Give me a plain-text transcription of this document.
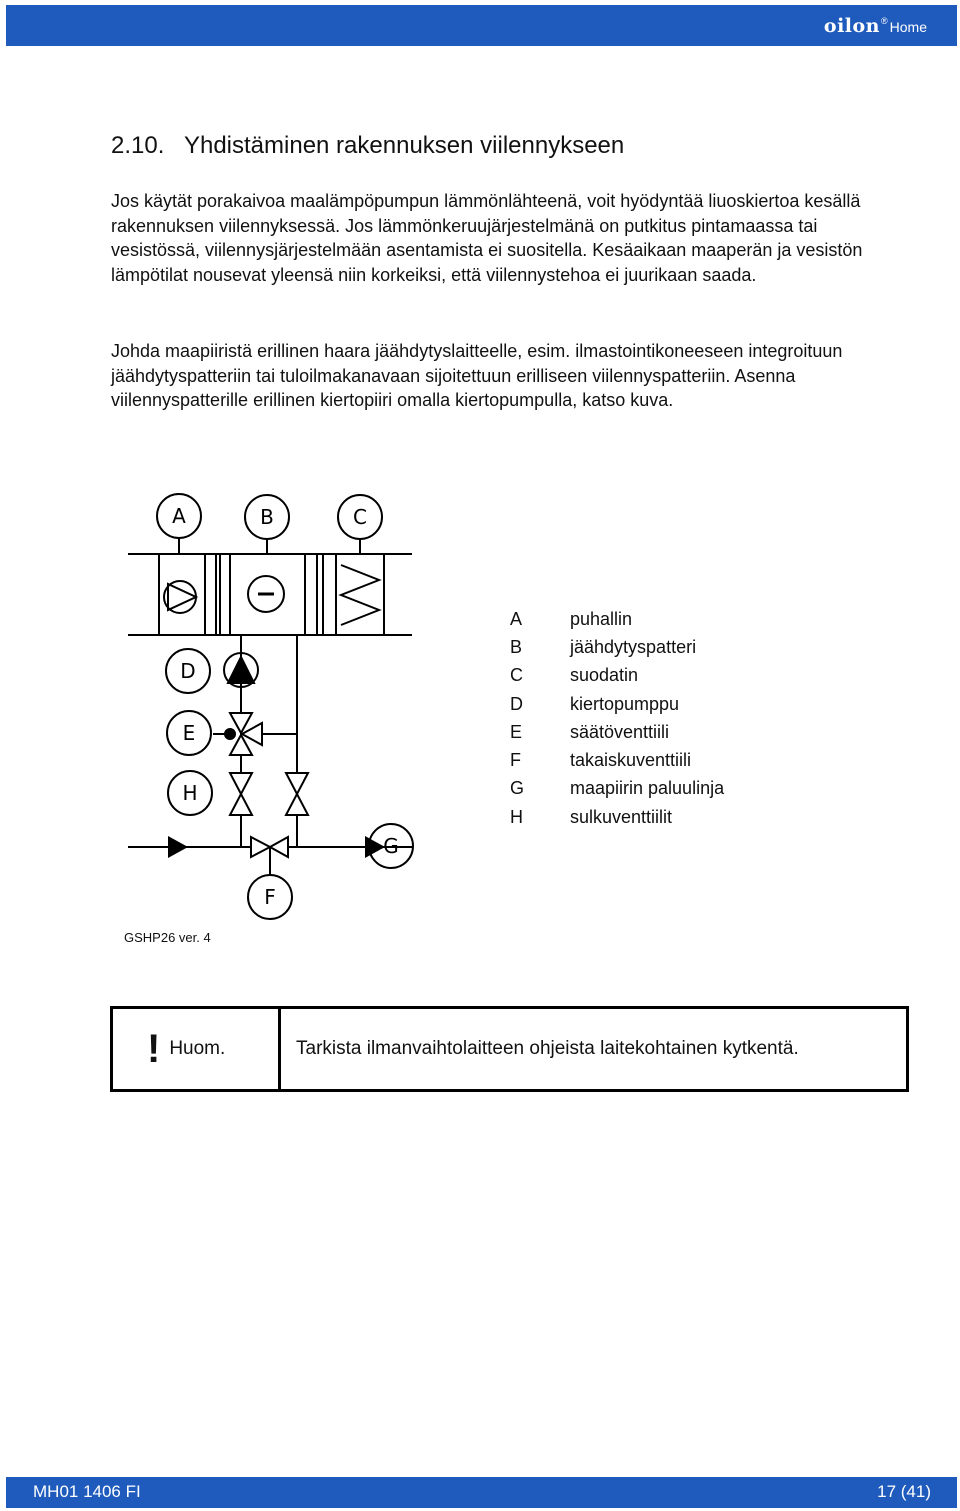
oilon ® Home
2.10. Yhdistäminen rakennuksen viilennykseen

Jos käytät porakaivoa maalämpöpumpun lämmönlähteenä, voit hyödyntää liuoskiertoa kesällä rakennuksen viilennyksessä. Jos lämmönkeruujärjestelmänä on putkitus pintamaassa tai vesistössä, viilennysjärjestelmään asentamista ei suositella. Kesäaikaan maaperän ja vesistön lämpötilat nousevat yleensä niin korkeiksi, että viilennystehoa ei juurikaan saada.

Johda maapiiristä erillinen haara jäähdytyslaitteelle, esim. ilmastointikoneeseen integroituun jäähdytyspatteriin tai tuloilmakanavaan sijoitettuun erilliseen viilennyspatteriin. Asenna viilennyspatterille erillinen kiertopiiri omalla kiertopumpulla, katso kuva.

A	B	C
D
E
H
G
F
A	puhallin
B	jäähdytyspatteri
C	suodatin
D	kiertopumppu
E	säätöventtiili
F	takaiskuventtiili
G	maapiirin paluulinja
H	sulkuventtiilit
GSHP26 ver. 4
! Huom.	Tarkista ilmanvaihtolaitteen ohjeista laitekohtainen kytkentä.
MH01 1406 FI	17 (41)
